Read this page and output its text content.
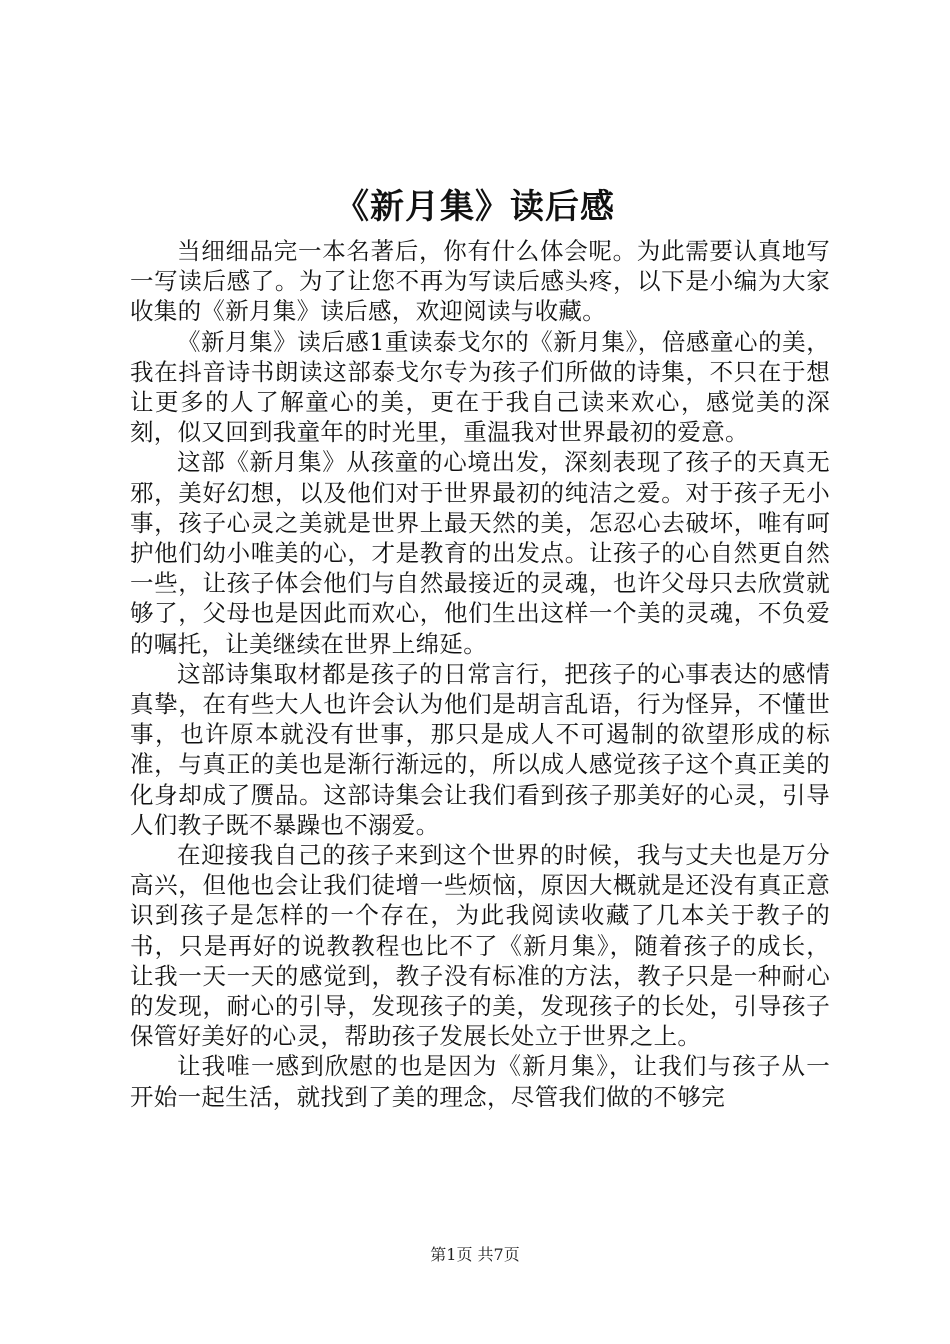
《新月集》读后感

当细细品完一本名著后，你有什么体会呢。为此需要认真地写一写读后感了。为了让您不再为写读后感头疼，以下是小编为大家收集的《新月集》读后感，欢迎阅读与收藏。

《新月集》读后感1重读泰戈尔的《新月集》，倍感童心的美，我在抖音诗书朗读这部泰戈尔专为孩子们所做的诗集，不只在于想让更多的人了解童心的美，更在于我自己读来欢心，感觉美的深刻，似又回到我童年的时光里，重温我对世界最初的爱意。

这部《新月集》从孩童的心境出发，深刻表现了孩子的天真无邪，美好幻想，以及他们对于世界最初的纯洁之爱。对于孩子无小事，孩子心灵之美就是世界上最天然的美，怎忍心去破坏，唯有呵护他们幼小唯美的心，才是教育的出发点。让孩子的心自然更自然一些，让孩子体会他们与自然最接近的灵魂，也许父母只去欣赏就够了，父母也是因此而欢心，他们生出这样一个美的灵魂，不负爱的嘱托，让美继续在世界上绵延。

这部诗集取材都是孩子的日常言行，把孩子的心事表达的感情真挚，在有些大人也许会认为他们是胡言乱语，行为怪异，不懂世事，也许原本就没有世事，那只是成人不可遏制的欲望形成的标准，与真正的美也是渐行渐远的，所以成人感觉孩子这个真正美的化身却成了赝品。这部诗集会让我们看到孩子那美好的心灵，引导人们教子既不暴躁也不溺爱。

在迎接我自己的孩子来到这个世界的时候，我与丈夫也是万分高兴，但他也会让我们徒增一些烦恼，原因大概就是还没有真正意识到孩子是怎样的一个存在，为此我阅读收藏了几本关于教子的书，只是再好的说教教程也比不了《新月集》，随着孩子的成长，让我一天一天的感觉到，教子没有标准的方法，教子只是一种耐心的发现，耐心的引导，发现孩子的美，发现孩子的长处，引导孩子保管好美好的心灵，帮助孩子发展长处立于世界之上。

让我唯一感到欣慰的也是因为《新月集》，让我们与孩子从一开始一起生活，就找到了美的理念，尽管我们做的不够完

第1页 共7页
